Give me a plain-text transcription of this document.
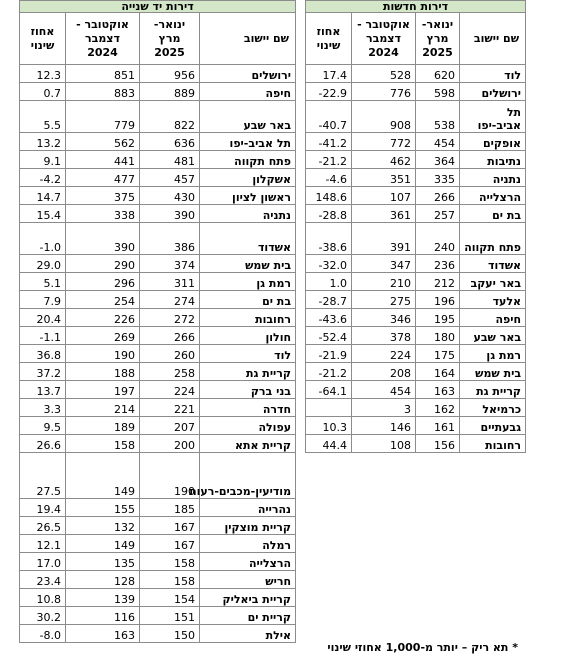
דירות יד שנייה			
אחוז שינוי	אוקטובר -דצמבר 2024	ינואר- מרץ 2025	שם יישוב
12.3	851	956	ירושלים
0.7	883	889	חיפה
5.5	779	822	באר שבע
13.2	562	636	תל אביב-יפו
9.1	441	481	פתח תקווה
-4.2	477	457	אשקלון
14.7	375	430	ראשון לציון
15.4	338	390	נתניה
-1.0	390	386	אשדוד
29.0	290	374	בית שמש
5.1	296	311	רמת גן
7.9	254	274	בת ים
20.4	226	272	רחובות
-1.1	269	266	חולון
36.8	190	260	לוד
37.2	188	258	קריית גת
13.7	197	224	בני ברק
3.3	214	221	חדרה
9.5	189	207	עפולה
26.6	158	200	קריית אתא
27.5	149	190	מודיעין-מכבים-רעות
19.4	155	185	נהרייה
26.5	132	167	קריית מוצקין
12.1	149	167	רמלה
17.0	135	158	הרצלייה
23.4	128	158	חריש
10.8	139	154	קריית ביאליק
30.2	116	151	קריית ים
-8.0	163	150	אילת
דירות חדשות			
אחוז שינוי	אוקטובר -דצמבר 2024	ינואר- מרץ 2025	שם יישוב
17.4	528	620	לוד
-22.9	776	598	ירושלים
-40.7	908	538	תל אביב-יפו
-41.2	772	454	אופקים
-21.2	462	364	נתיבות
-4.6	351	335	נתניה
148.6	107	266	הרצלייה
-28.8	361	257	בת ים
-38.6	391	240	פתח תקווה
-32.0	347	236	אשדוד
1.0	210	212	באר יעקב
-28.7	275	196	אלעד
-43.6	346	195	חיפה
-52.4	378	180	באר שבע
-21.9	224	175	רמת גן
-21.2	208	164	בית שמש
-64.1	454	163	קריית גת
	3	162	כרמיאל
10.3	146	161	גבעתיים
44.4	108	156	רחובות
* תא ריק – יותר מ-1,000 אחוזי שינוי
